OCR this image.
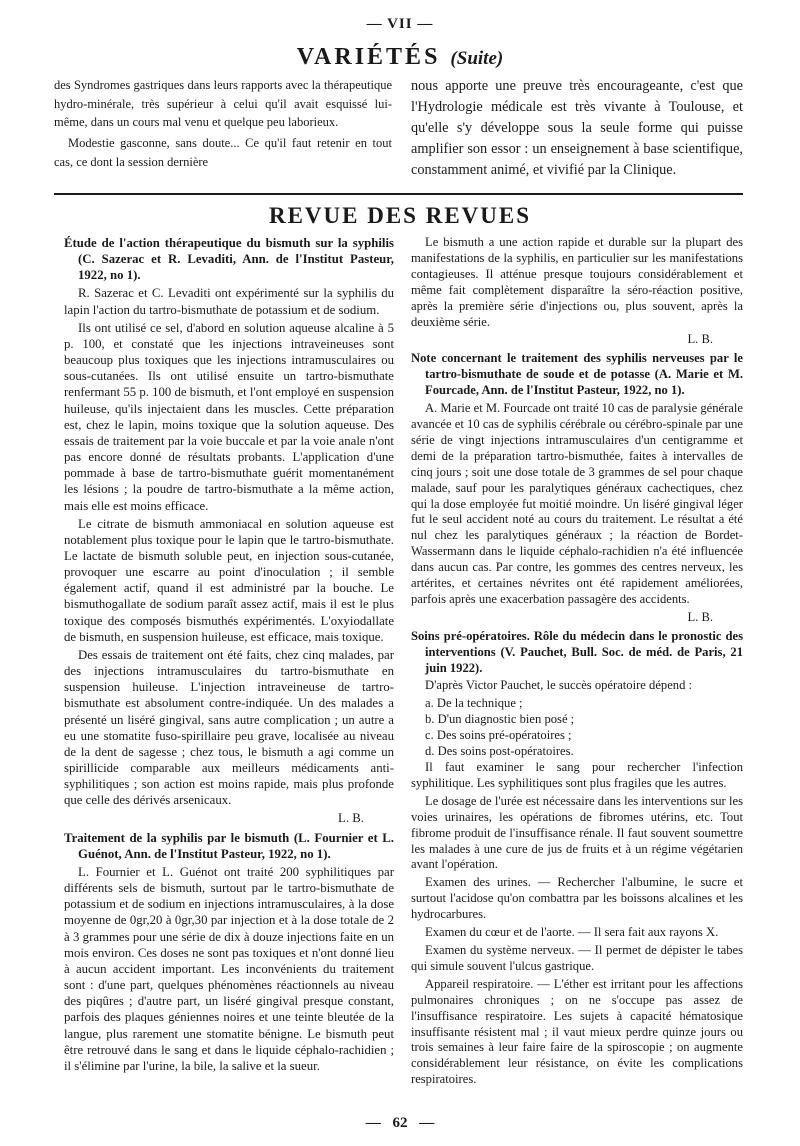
— VII —
VARIÉTÉS (Suite)

des Syndromes gastriques dans leurs rapports avec la thérapeutique hydro-minérale, très supérieur à celui qu'il avait esquissé lui-même, dans un cours mal venu et quelque peu laborieux.

Modestie gasconne, sans doute... Ce qu'il faut retenir en tout cas, ce dont la session dernière

nous apporte une preuve très encourageante, c'est que l'Hydrologie médicale est très vivante à Toulouse, et qu'elle s'y développe sous la seule forme qui puisse amplifier son essor : un enseignement à base scientifique, constamment animé, et vivifié par la Clinique.

REVUE DES REVUES

Étude de l'action thérapeutique du bismuth sur la syphilis (C. Sazerac et R. Levaditi, Ann. de l'Institut Pasteur, 1922, no 1).

R. Sazerac et C. Levaditi ont expérimenté sur la syphilis du lapin l'action du tartro-bismuthate de potassium et de sodium.

Ils ont utilisé ce sel, d'abord en solution aqueuse alcaline à 5 p. 100, et constaté que les injections intraveineuses sont beaucoup plus toxiques que les injections intramusculaires ou sous-cutanées. Ils ont utilisé ensuite un tartro-bismuthate renfermant 55 p. 100 de bismuth, et l'ont employé en suspension huileuse, qu'ils injectaient dans les muscles. Cette préparation est, chez le lapin, moins toxique que la solution aqueuse. Des essais de traitement par la voie buccale et par la voie anale n'ont pas encore donné de résultats probants. L'application d'une pommade à base de tartro-bismuthate guérit momentanément les lésions ; la poudre de tartro-bismuthate a la même action, mais elle est moins efficace.

Le citrate de bismuth ammoniacal en solution aqueuse est notablement plus toxique pour le lapin que le tartro-bismuthate. Le lactate de bismuth soluble peut, en injection sous-cutanée, provoquer une escarre au point d'inoculation ; il semble également actif, quand il est administré par la bouche. Le bismuthogallate de sodium paraît assez actif, mais il est le plus toxique des composés bismuthés expérimentés. L'oxyiodallate de bismuth, en suspension huileuse, est efficace, mais toxique.

Des essais de traitement ont été faits, chez cinq malades, par des injections intramusculaires du tartro-bismuthate en suspension huileuse. L'injection intraveineuse de tartro-bismuthate est absolument contre-indiquée. Un des malades a présenté un liséré gingival, sans autre complication ; un autre a eu une stomatite fuso-spirillaire peu grave, localisée au niveau de la dent de sagesse ; chez tous, le bismuth a agi comme un spirillicide comparable aux meilleurs médicaments anti-syphilitiques ; son action est moins rapide, mais plus profonde que celle des dérivés arsenicaux.

L. B.

Traitement de la syphilis par le bismuth (L. Fournier et L. Guénot, Ann. de l'Institut Pasteur, 1922, no 1).

L. Fournier et L. Guénot ont traité 200 syphilitiques par différents sels de bismuth, surtout par le tartro-bismuthate de potassium et de sodium en injections intramusculaires, à la dose moyenne de 0gr,20 à 0gr,30 par injection et à la dose totale de 2 à 3 grammes pour une série de dix à douze injections faite en un mois environ. Ces doses ne sont pas toxiques et n'ont donné lieu à aucun accident important. Les inconvénients du traitement sont : d'une part, quelques phénomènes réactionnels au niveau des piqûres ; d'autre part, un liséré gingival presque constant, parfois des plaques géniennes noires et une teinte bleutée de la langue, plus rarement une stomatite bénigne. Le bismuth peut être retrouvé dans le sang et dans le liquide céphalo-rachidien ; il s'élimine par l'urine, la bile, la salive et la sueur.

Le bismuth a une action rapide et durable sur la plupart des manifestations de la syphilis, en particulier sur les manifestations contagieuses. Il atténue presque toujours considérablement et même fait complètement disparaître la séro-réaction positive, après la première série d'injections ou, plus souvent, après la deuxième série.

L. B.

Note concernant le traitement des syphilis nerveuses par le tartro-bismuthate de soude et de potasse (A. Marie et M. Fourcade, Ann. de l'Institut Pasteur, 1922, no 1).

A. Marie et M. Fourcade ont traité 10 cas de paralysie générale avancée et 10 cas de syphilis cérébrale ou cérébro-spinale par une série de vingt injections intramusculaires d'un centigramme et demi de la préparation tartro-bismuthée, faites à intervalles de cinq jours ; soit une dose totale de 3 grammes de sel pour chaque malade, sauf pour les paralytiques généraux cachectiques, chez qui la dose employée fut moitié moindre. Un liséré gingival léger fut le seul accident noté au cours du traitement. Le résultat a été nul chez les paralytiques généraux ; la réaction de Bordet-Wassermann dans le liquide céphalo-rachidien n'a été influencée dans aucun cas. Par contre, les gommes des centres nerveux, les artérites, et certaines névrites ont été rapidement améliorées, parfois après une exacerbation passagère des accidents.

L. B.

Soins pré-opératoires. Rôle du médecin dans le pronostic des interventions (V. Pauchet, Bull. Soc. de méd. de Paris, 21 juin 1922).

D'après Victor Pauchet, le succès opératoire dépend :

a. De la technique ;

b. D'un diagnostic bien posé ;

c. Des soins pré-opératoires ;

d. Des soins post-opératoires.

Il faut examiner le sang pour rechercher l'infection syphilitique. Les syphilitiques sont plus fragiles que les autres.

Le dosage de l'urée est nécessaire dans les interventions sur les voies urinaires, les opérations de fibromes utérins, etc. Tout fibrome produit de l'insuffisance rénale. Il faut souvent soumettre les malades à une cure de jus de fruits et à un régime végétarien avant l'opération.

Examen des urines. — Rechercher l'albumine, le sucre et surtout l'acidose qu'on combattra par les boissons alcalines et les hydrocarbures.

Examen du cœur et de l'aorte. — Il sera fait aux rayons X.

Examen du système nerveux. — Il permet de dépister le tabes qui simule souvent l'ulcus gastrique.

Appareil respiratoire. — L'éther est irritant pour les affections pulmonaires chroniques ; on ne s'occupe pas assez de l'insuffisance respiratoire. Les sujets à capacité hématosique insuffisante résistent mal ; il vaut mieux perdre quinze jours ou trois semaines à leur faire faire de la spiroscopie ; on augmente considérablement leur résistance, on évite les complications respiratoires.

— 62 —
